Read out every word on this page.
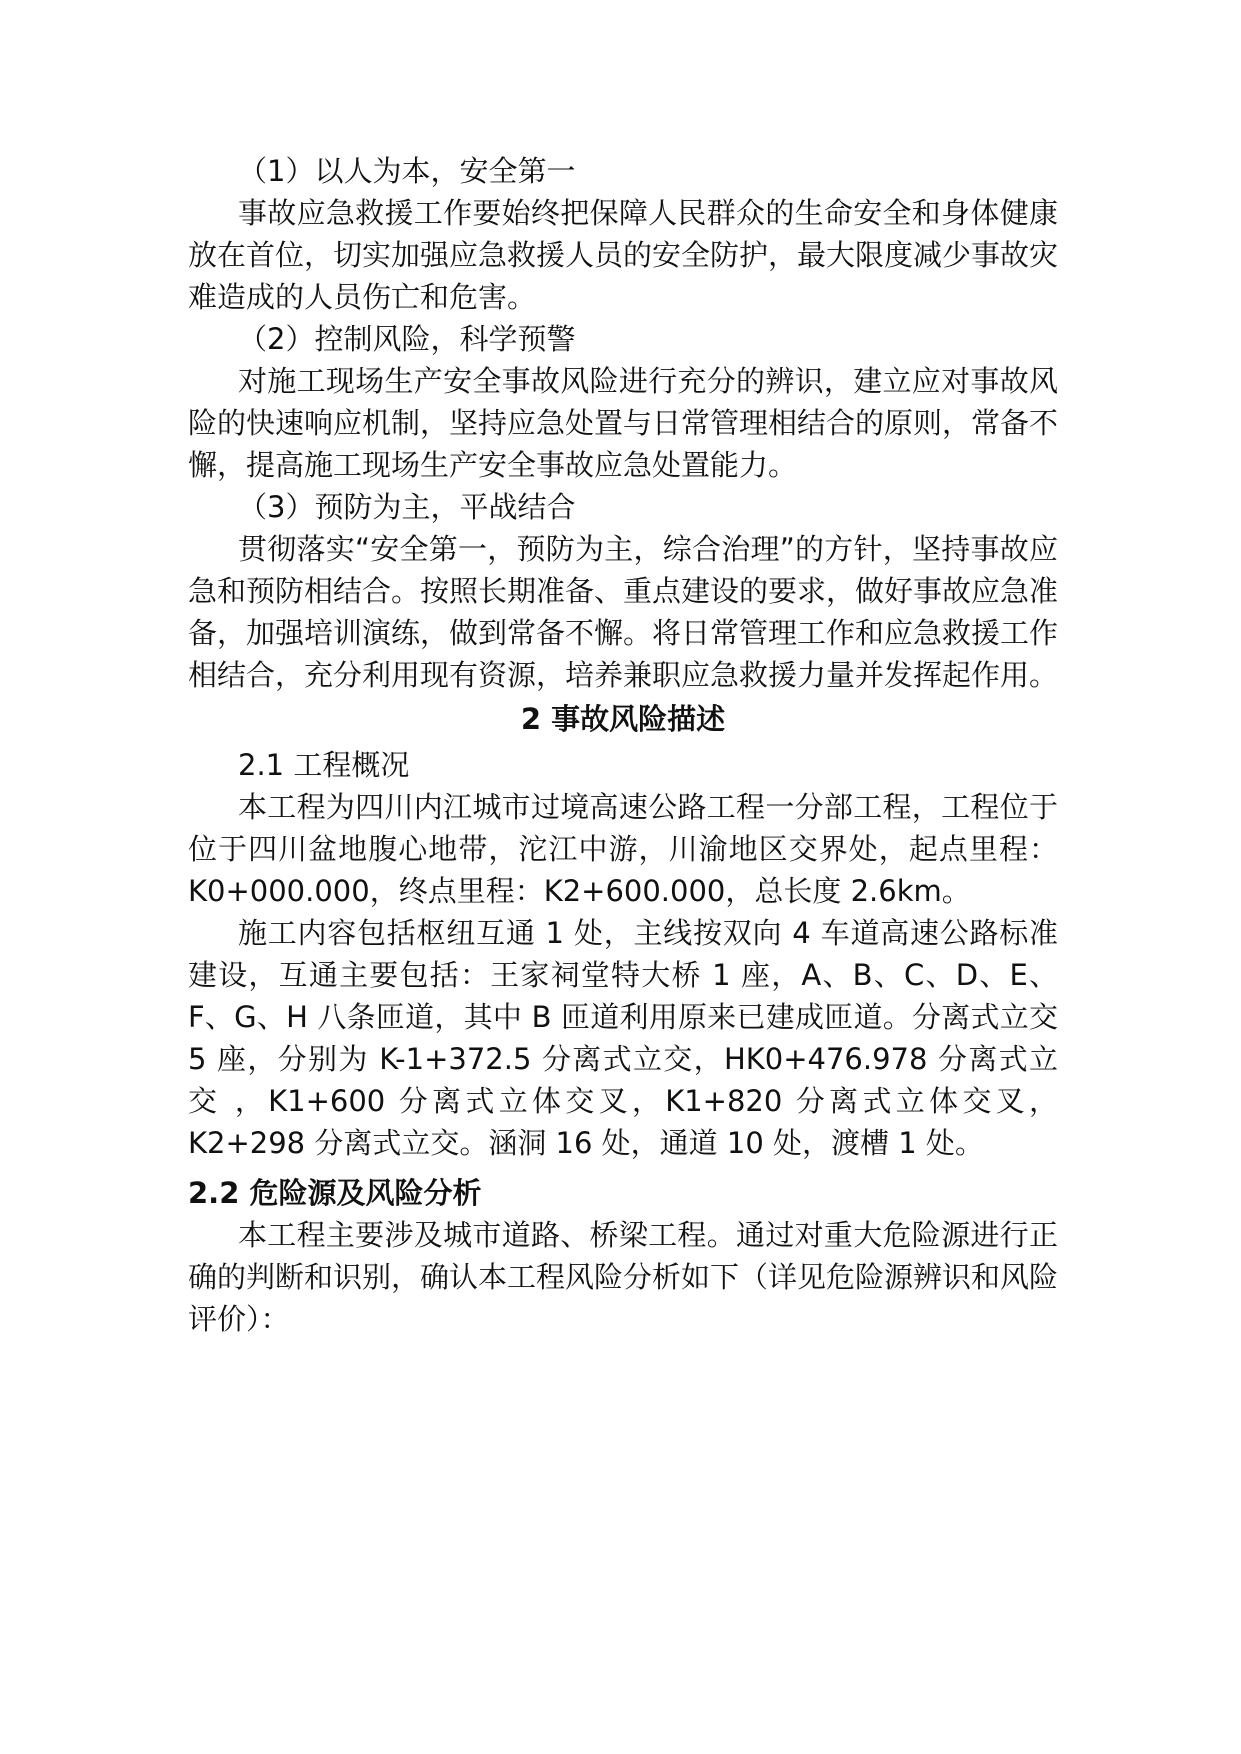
（1）以人为本，安全第一

事故应急救援工作要始终把保障人民群众的生命安全和身体健康放在首位，切实加强应急救援人员的安全防护，最大限度减少事故灾难造成的人员伤亡和危害。

（2）控制风险，科学预警

对施工现场生产安全事故风险进行充分的辨识，建立应对事故风险的快速响应机制，坚持应急处置与日常管理相结合的原则，常备不懈，提高施工现场生产安全事故应急处置能力。

（3）预防为主，平战结合

贯彻落实“安全第一，预防为主，综合治理”的方针，坚持事故应急和预防相结合。按照长期准备、重点建设的要求，做好事故应急准备，加强培训演练，做到常备不懈。将日常管理工作和应急救援工作相结合，充分利用现有资源，培养兼职应急救援力量并发挥起作用。

2 事故风险描述

2.1 工程概况

本工程为四川内江城市过境高速公路工程一分部工程，工程位于位于四川盆地腹心地带，沱江中游，川渝地区交界处，起点里程：K0+000.000，终点里程：K2+600.000，总长度 2.6km。

施工内容包括枢纽互通 1 处，主线按双向 4 车道高速公路标准建设，互通主要包括：王家祠堂特大桥 1 座，A、B、C、D、E、F、G、H 八条匝道，其中 B 匝道利用原来已建成匝道。分离式立交 5 座，分别为 K-1+372.5 分离式立交，HK0+476.978 分离式立交 ，K1+600 分离式立体交叉，K1+820 分离式立体交叉，K2+298 分离式立交。涵洞 16 处，通道 10 处，渡槽 1 处。

2.2 危险源及风险分析

本工程主要涉及城市道路、桥梁工程。通过对重大危险源进行正确的判断和识别，确认本工程风险分析如下（详见危险源辨识和风险评价）：
